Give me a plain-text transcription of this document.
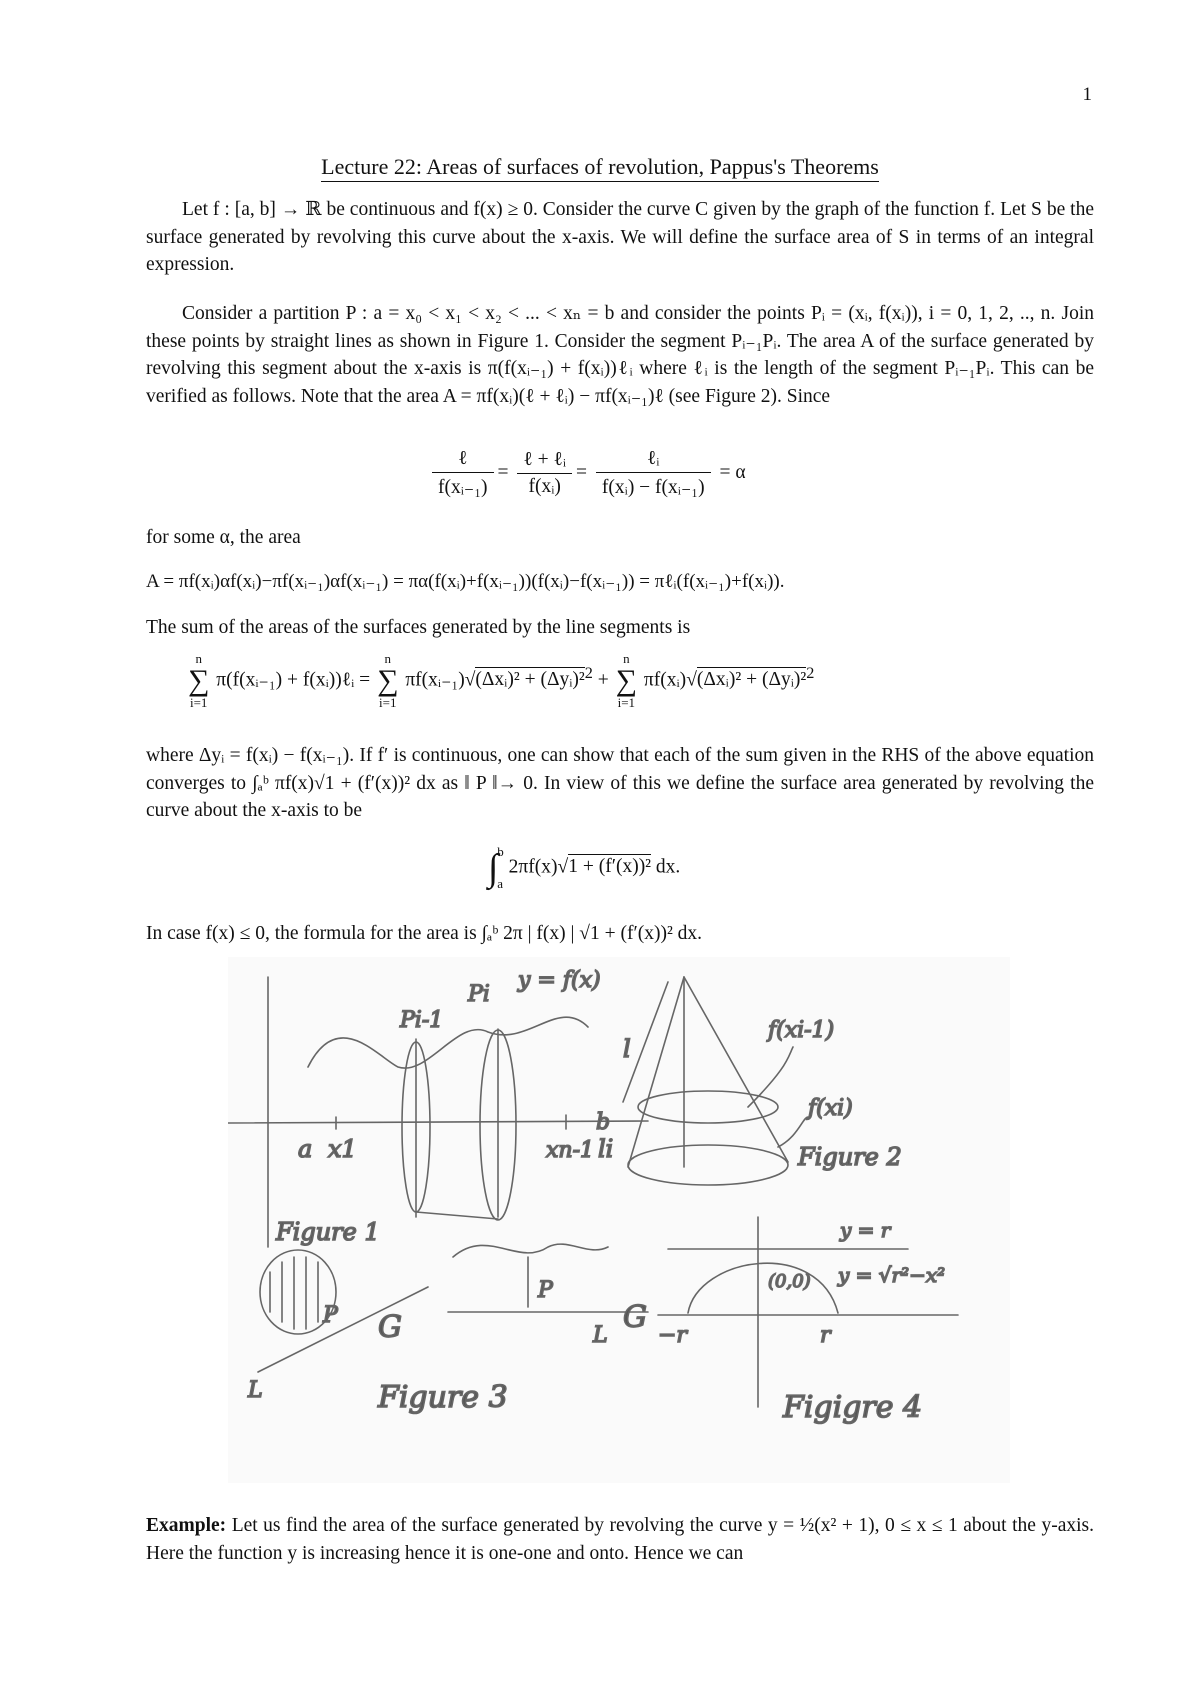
1
Lecture 22: Areas of surfaces of revolution, Pappus's Theorems
Let f : [a, b] → ℝ be continuous and f(x) ≥ 0. Consider the curve C given by the graph of the function f. Let S be the surface generated by revolving this curve about the x-axis. We will define the surface area of S in terms of an integral expression.
Consider a partition P : a = x₀ < x₁ < x₂ < ... < xₙ = b and consider the points Pᵢ = (xᵢ, f(xᵢ)), i = 0, 1, 2, .., n. Join these points by straight lines as shown in Figure 1. Consider the segment Pᵢ₋₁Pᵢ. The area A of the surface generated by revolving this segment about the x-axis is π(f(xᵢ₋₁) + f(xᵢ))ℓᵢ where ℓᵢ is the length of the segment Pᵢ₋₁Pᵢ. This can be verified as follows. Note that the area A = πf(xᵢ)(ℓ + ℓᵢ) − πf(xᵢ₋₁)ℓ (see Figure 2). Since
$\frac{\text{ℓ}}{\text{f(xᵢ₋₁)}} = \frac{\text{ℓ + ℓᵢ}}{\text{f(xᵢ)}} = \frac{\text{ℓᵢ}}{\text{f(xᵢ) − f(xᵢ₋₁)}} = \alpha$
for some α, the area
A = πf(xᵢ)αf(xᵢ)−πf(xᵢ₋₁)αf(xᵢ₋₁) = πα(f(xᵢ)+f(xᵢ₋₁))(f(xᵢ)−f(xᵢ₋₁)) = πℓᵢ(f(xᵢ₋₁)+f(xᵢ)).
The sum of the areas of the surfaces generated by the line segments is
n
∑
i=1 π(f(xᵢ₋₁) + f(xᵢ))ℓᵢ = n
∑
i=1 πf(xᵢ₋₁)√(Δxᵢ)² + (Δyᵢ)²$^2$ + n
∑
i=1 πf(xᵢ)√(Δxᵢ)² + (Δyᵢ)²$^2$
where Δyᵢ = f(xᵢ) − f(xᵢ₋₁). If f′ is continuous, one can show that each of the sum given in the RHS of the above equation converges to ∫ₐᵇ πf(x)√1 + (f′(x))² dx as ‖ P ‖→ 0. In view of this we define the surface area generated by revolving the curve about the x-axis to be
∫ b
a 2πf(x)√1 + (f′(x))² dx.
In case f(x) ≤ 0, the formula for the area is ∫ₐᵇ 2π | f(x) | √1 + (f′(x))² dx.
y = f(x)
Pi-1
Pi
a x1	xn-1
b
Figure 1
l
li
f(xi-1)
f(xi)
Figure 2
P
P
G	G
L
L	Figure 3
y = r
y = √r²−x²
(0,0)
−r	r
Figigre 4
Example: Let us find the area of the surface generated by revolving the curve y = ½(x² + 1), 0 ≤ x ≤ 1 about the y-axis. Here the function y is increasing hence it is one-one and onto. Hence we can
